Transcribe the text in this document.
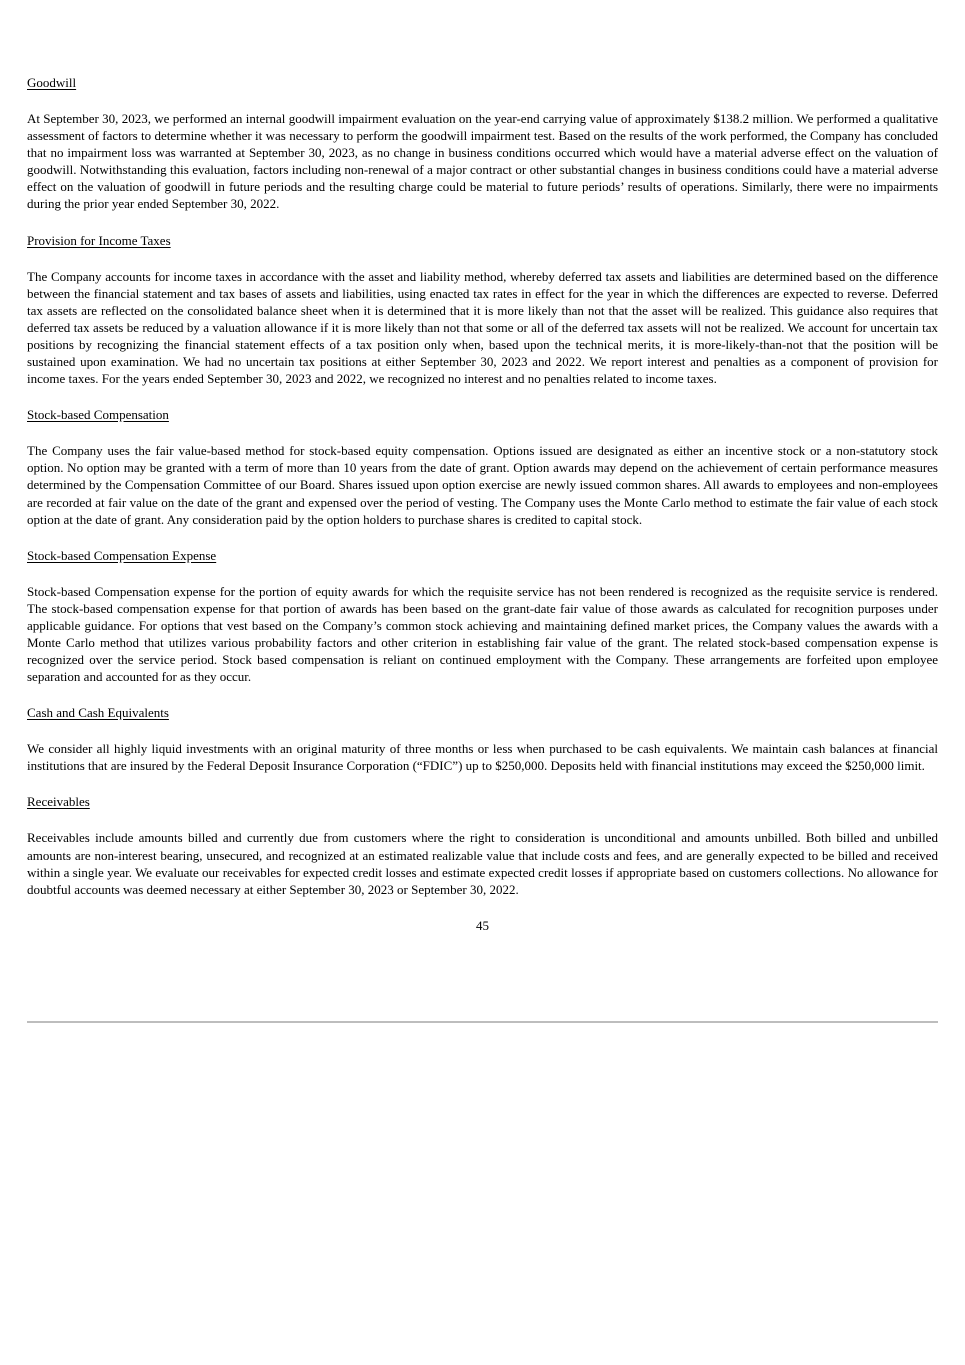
Goodwill

At September 30, 2023, we performed an internal goodwill impairment evaluation on the year-end carrying value of approximately $138.2 million. We performed a qualitative assessment of factors to determine whether it was necessary to perform the goodwill impairment test. Based on the results of the work performed, the Company has concluded that no impairment loss was warranted at September 30, 2023, as no change in business conditions occurred which would have a material adverse effect on the valuation of goodwill. Notwithstanding this evaluation, factors including non-renewal of a major contract or other substantial changes in business conditions could have a material adverse effect on the valuation of goodwill in future periods and the resulting charge could be material to future periods’ results of operations. Similarly, there were no impairments during the prior year ended September 30, 2022.

Provision for Income Taxes

The Company accounts for income taxes in accordance with the asset and liability method, whereby deferred tax assets and liabilities are determined based on the difference between the financial statement and tax bases of assets and liabilities, using enacted tax rates in effect for the year in which the differences are expected to reverse. Deferred tax assets are reflected on the consolidated balance sheet when it is determined that it is more likely than not that the asset will be realized. This guidance also requires that deferred tax assets be reduced by a valuation allowance if it is more likely than not that some or all of the deferred tax assets will not be realized. We account for uncertain tax positions by recognizing the financial statement effects of a tax position only when, based upon the technical merits, it is more-likely-than-not that the position will be sustained upon examination. We had no uncertain tax positions at either September 30, 2023 and 2022. We report interest and penalties as a component of provision for income taxes. For the years ended September 30, 2023 and 2022, we recognized no interest and no penalties related to income taxes.

Stock-based Compensation

The Company uses the fair value-based method for stock-based equity compensation. Options issued are designated as either an incentive stock or a non-statutory stock option. No option may be granted with a term of more than 10 years from the date of grant. Option awards may depend on the achievement of certain performance measures determined by the Compensation Committee of our Board. Shares issued upon option exercise are newly issued common shares. All awards to employees and non-employees are recorded at fair value on the date of the grant and expensed over the period of vesting. The Company uses the Monte Carlo method to estimate the fair value of each stock option at the date of grant. Any consideration paid by the option holders to purchase shares is credited to capital stock.

Stock-based Compensation Expense

Stock-based Compensation expense for the portion of equity awards for which the requisite service has not been rendered is recognized as the requisite service is rendered. The stock-based compensation expense for that portion of awards has been based on the grant-date fair value of those awards as calculated for recognition purposes under applicable guidance. For options that vest based on the Company’s common stock achieving and maintaining defined market prices, the Company values the awards with a Monte Carlo method that utilizes various probability factors and other criterion in establishing fair value of the grant. The related stock-based compensation expense is recognized over the service period. Stock based compensation is reliant on continued employment with the Company. These arrangements are forfeited upon employee separation and accounted for as they occur.

Cash and Cash Equivalents

We consider all highly liquid investments with an original maturity of three months or less when purchased to be cash equivalents. We maintain cash balances at financial institutions that are insured by the Federal Deposit Insurance Corporation (“FDIC”) up to $250,000. Deposits held with financial institutions may exceed the $250,000 limit.

Receivables

Receivables include amounts billed and currently due from customers where the right to consideration is unconditional and amounts unbilled. Both billed and unbilled amounts are non-interest bearing, unsecured, and recognized at an estimated realizable value that include costs and fees, and are generally expected to be billed and received within a single year. We evaluate our receivables for expected credit losses and estimate expected credit losses if appropriate based on customers collections. No allowance for doubtful accounts was deemed necessary at either September 30, 2023 or September 30, 2022.

45
